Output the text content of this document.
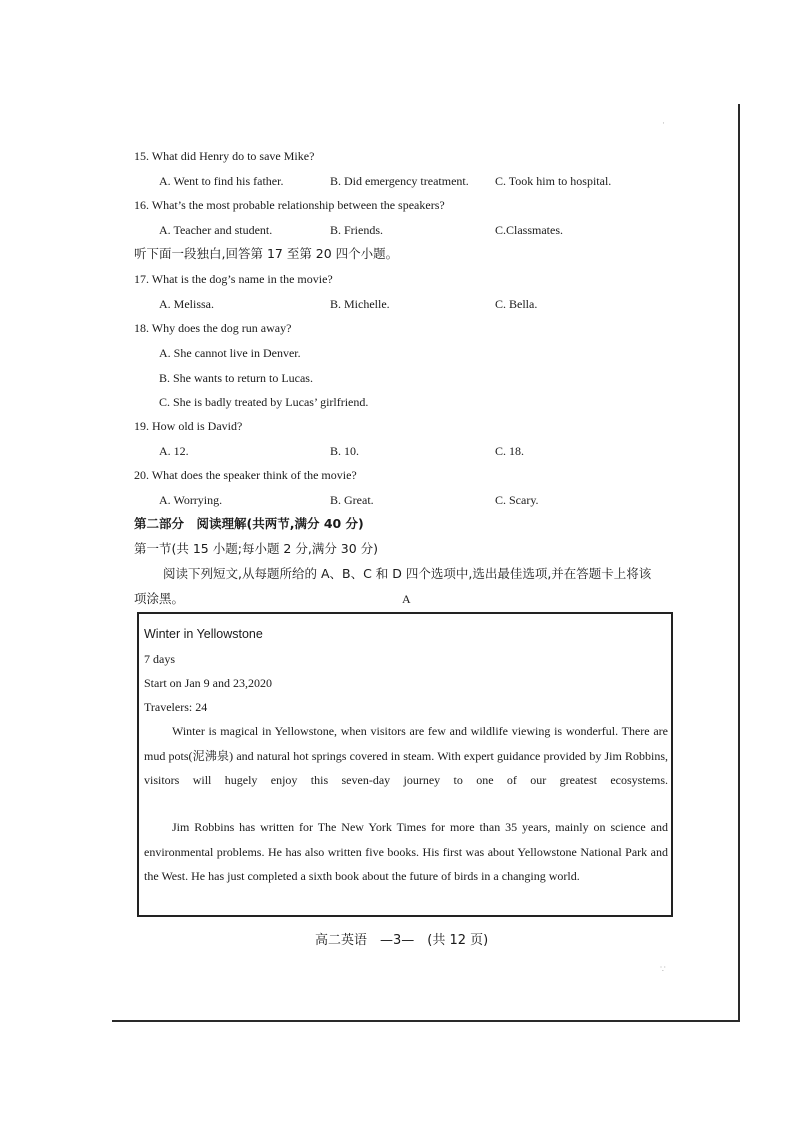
·
∵
15. What did Henry do to save Mike?
A. Went to find his father.	B. Did emergency treatment. C. Took him to hospital.
16. What’s the most probable relationship between the speakers?
A. Teacher and student.	B. Friends.	C.Classmates.
听下面一段独白,回答第 17 至第 20 四个小题。
17. What is the dog’s name in the movie?
A. Melissa.	B. Michelle.	C. Bella.
18. Why does the dog run away?
A. She cannot live in Denver.
B. She wants to return to Lucas.
C. She is badly treated by Lucas’ girlfriend.
19. How old is David?
A. 12.	B. 10.	C. 18.
20. What does the speaker think of the movie?
A. Worrying.	B. Great.	C. Scary.
第二部分　阅读理解(共两节,满分 40 分)
第一节(共 15 小题;每小题 2 分,满分 30 分)
阅读下列短文,从每题所给的 A、B、C 和 D 四个选项中,选出最佳选项,并在答题卡上将该
项涂黑。	A
Winter in Yellowstone
7 days
Start on Jan 9 and 23,2020
Travelers: 24

Winter is magical in Yellowstone, when visitors are few and wildlife viewing is wonderful. There are mud pots(泥沸泉) and natural hot springs covered in steam. With expert guidance provided by Jim Robbins, visitors will hugely enjoy this seven-day journey to one of our greatest ecosystems.

Jim Robbins has written for The New York Times for more than 35 years, mainly on science and environmental problems. He has also written five books. His first was about Yellowstone National Park and the West. He has just completed a sixth book about the future of birds in a changing world.

高二英语　—3—　(共 12 页)
